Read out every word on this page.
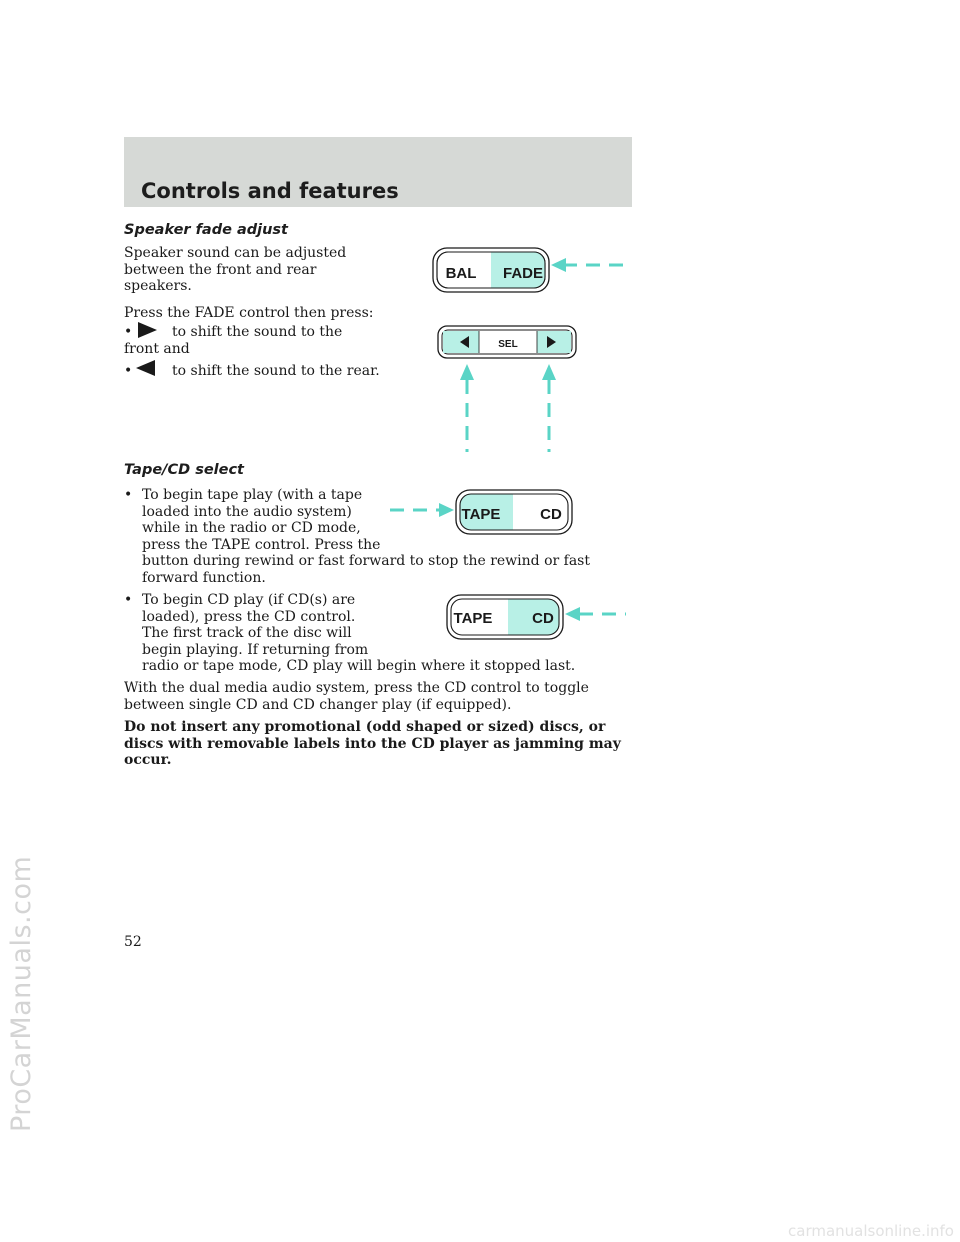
Controls and features
Speaker fade adjust
Speaker sound can be adjusted
between the front and rear
speakers.
Press the FADE control then press:
•	to shift the sound to the
front and
•	to shift the sound to the rear.
Tape/CD select
• To begin tape play (with a tape
loaded into the audio system)
while in the radio or CD mode,
press the TAPE control. Press the
button during rewind or fast forward to stop the rewind or fast
forward function.
• To begin CD play (if CD(s) are
loaded), press the CD control.
The first track of the disc will
begin playing. If returning from
radio or tape mode, CD play will begin where it stopped last.
With the dual media audio system, press the CD control to toggle
between single CD and CD changer play (if equipped).
Do not insert any promotional (odd shaped or sized) discs, or
discs with removable labels into the CD player as jamming may
occur.
52
BAL FADE
SEL
TAPE	CD
TAPE	CD
ProCarManuals.com
carmanualsonline.info
